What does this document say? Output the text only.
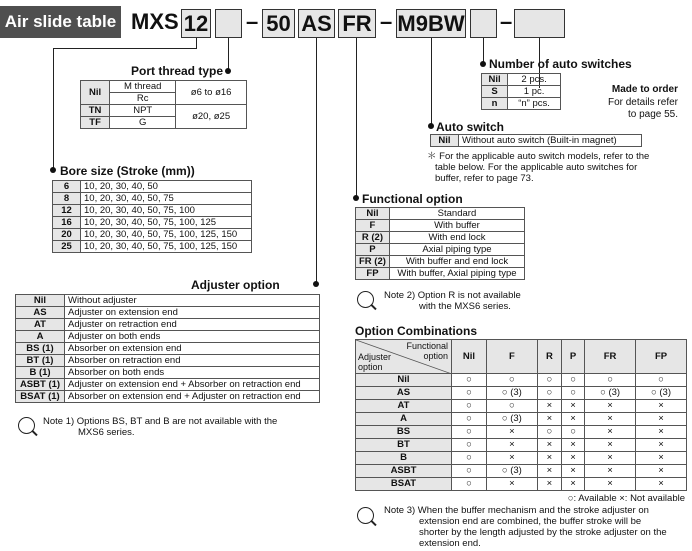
Air slide table MXS 12 – 50 AS FR – M9BW –
Port thread type
Nil	M thread	ø6 to ø16
	Rc	
TN	NPT	ø20, ø25
TF	G	
Number of auto switches
Nil	2 pcs.
S	1 pc.
n	“n” pcs.
Made to order
For details refer
to page 55.
Auto switch
Nil	Without auto switch (Built-in magnet)
＊ For the applicable auto switch models, refer to the
table below. For the applicable auto switches for
buffer, refer to page 73.
Bore size (Stroke (mm))
6	10, 20, 30, 40, 50
8	10, 20, 30, 40, 50, 75
12	10, 20, 30, 40, 50, 75, 100
16	10, 20, 30, 40, 50, 75, 100, 125
20	10, 20, 30, 40, 50, 75, 100, 125, 150
25	10, 20, 30, 40, 50, 75, 100, 125, 150
Functional option
Nil	Standard
F	With buffer
R (2)	With end lock
P	Axial piping type
FR (2)	With buffer and end lock
FP	With buffer, Axial piping type
Note 2) Option R is not available
with the MXS6 series.
Adjuster option
Nil	Without adjuster
AS	Adjuster on extension end
AT	Adjuster on retraction end
A	Adjuster on both ends
BS (1)	Absorber on extension end
BT (1)	Absorber on retraction end
B (1)	Absorber on both ends
ASBT (1)	Adjuster on extension end + Absorber on retraction end
BSAT (1)	Absorber on extension end + Adjuster on retraction end
Note 1) Options BS, BT and B are not available with the
MXS6 series.
Option Combinations
Functional
option
Adjuster
option	Nil	F	R	P	FR	FP
Nil	○	○	○	○	○	○
AS	○	○ (3)	○	○	○ (3)	○ (3)
AT	○	○	×	×	×	×
A	○	○ (3)	×	×	×	×
BS	○	×	○	○	×	×
BT	○	×	×	×	×	×
B	○	×	×	×	×	×
ASBT	○	○ (3)	×	×	×	×
BSAT	○	×	×	×	×	×
○: Available ×: Not available
Note 3) When the buffer mechanism and the stroke adjuster on
extension end are combined, the buffer stroke will be
shorter by the length adjusted by the stroke adjuster on the
extension end.
